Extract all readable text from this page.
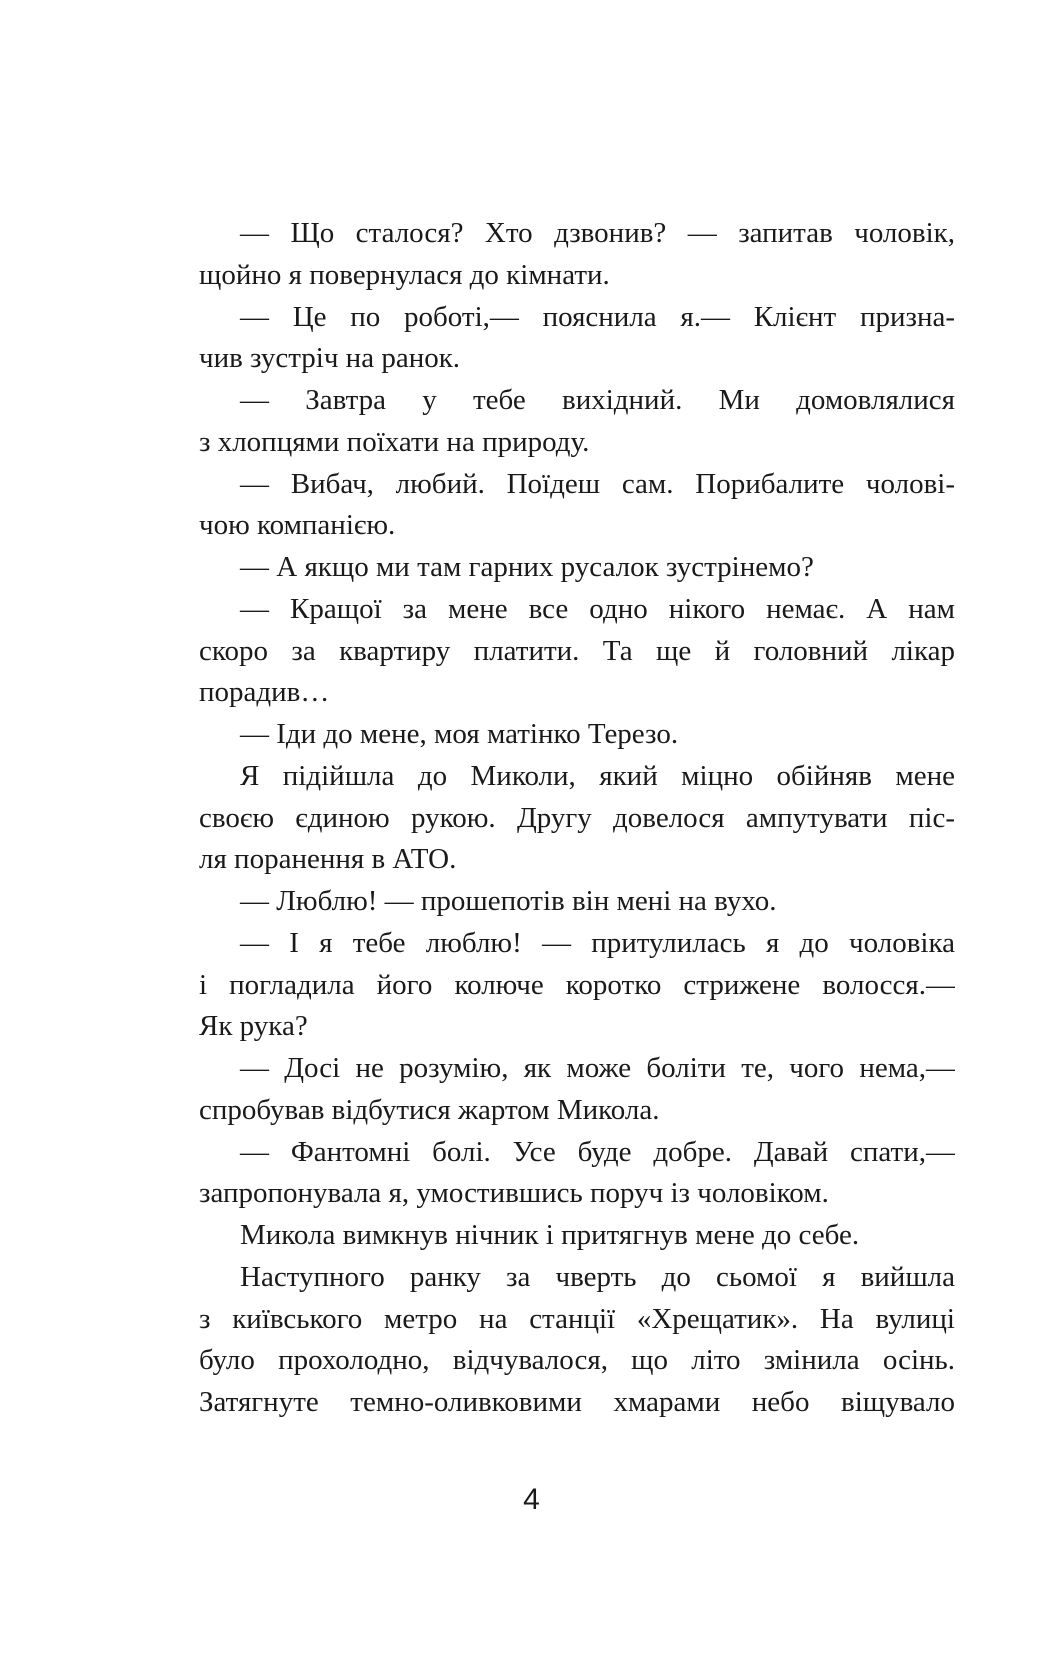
— Що сталося? Хто дзвонив? — запитав чоловік,
щойно я повернулася до кімнати.
— Це по роботі,— пояснила я.— Клієнт призна-
чив зустріч на ранок.
— Завтра у тебе вихідний. Ми домовлялися
з хлопцями поїхати на природу.
— Вибач, любий. Поїдеш сам. Порибалите чолові-
чою компанією.
— А якщо ми там гарних русалок зустрінемо?
— Кращої за мене все одно нікого немає. А нам
скоро за квартиру платити. Та ще й головний лікар
порадив…
— Іди до мене, моя матінко Терезо.
Я підійшла до Миколи, який міцно обійняв мене
своєю єдиною рукою. Другу довелося ампутувати піс-
ля поранення в АТО.
— Люблю! — прошепотів він мені на вухо.
— І я тебе люблю! — притулилась я до чоловіка
і погладила його колюче коротко стрижене волосся.—
Як рука?
— Досі не розумію, як може боліти те, чого нема,—
спробував відбутися жартом Микола.
— Фантомні болі. Усе буде добре. Давай спати,—
запропонувала я, умостившись поруч із чоловіком.
Микола вимкнув нічник і притягнув мене до себе.
Наступного ранку за чверть до сьомої я вийшла
з київського метро на станції «Хрещатик». На вулиці
було прохолодно, відчувалося, що літо змінила осінь.
Затягнуте темно-оливковими хмарами небо віщувало
4
